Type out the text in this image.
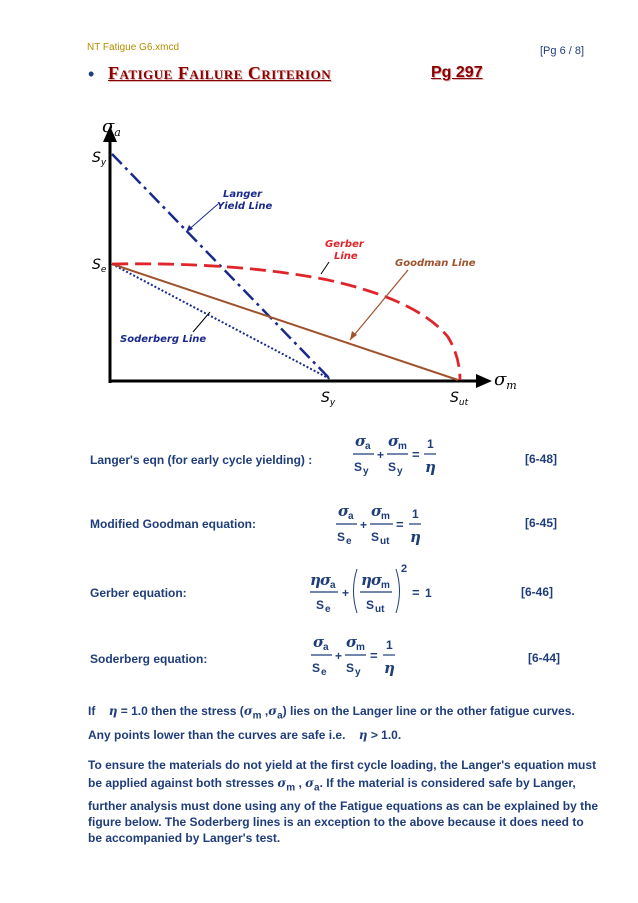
NT Fatigue G6.xmcd	[Pg 6 / 8]
• Fatigue Failure Criterion	Pg 297
$\sigma_a$
$\sigma_m$
$S_y$
$S_e$
$S_y$	$S_{ut}$
Langer
Yield Line
Gerber
Line
Goodman Line
Soderberg Line
Langer's eqn (for early cycle yielding) :
σ
a
S y
+
σ
m
S y
=
1
η	[6-48]
Modified Goodman equation:
σ
a
S e
+
σ
m
S ut
=
1
η
[6-45]
Gerber equation:
η σ
a
S e
+
η σ
m
S ut
2
= 1	[6-46]
Soderberg equation:
σ
a
S e
+
σ
m
S y
=
1
η
[6-44]
If η = 1.0 then the stress ($\sigma_m$ $,\sigma_a$) lies on the Langer line or the other fatigue curves.
Any points lower than the curves are safe i.e. η > 1.0.
To ensure the materials do not yield at the first cycle loading, the Langer's equation must
be applied against both stresses $\sigma_m$ , $\sigma_a$. If the material is considered safe by Langer,
further analysis must done using any of the Fatigue equations as can be explained by the
figure below. The Soderberg lines is an exception to the above because it does need to
be accompanied by Langer's test.
